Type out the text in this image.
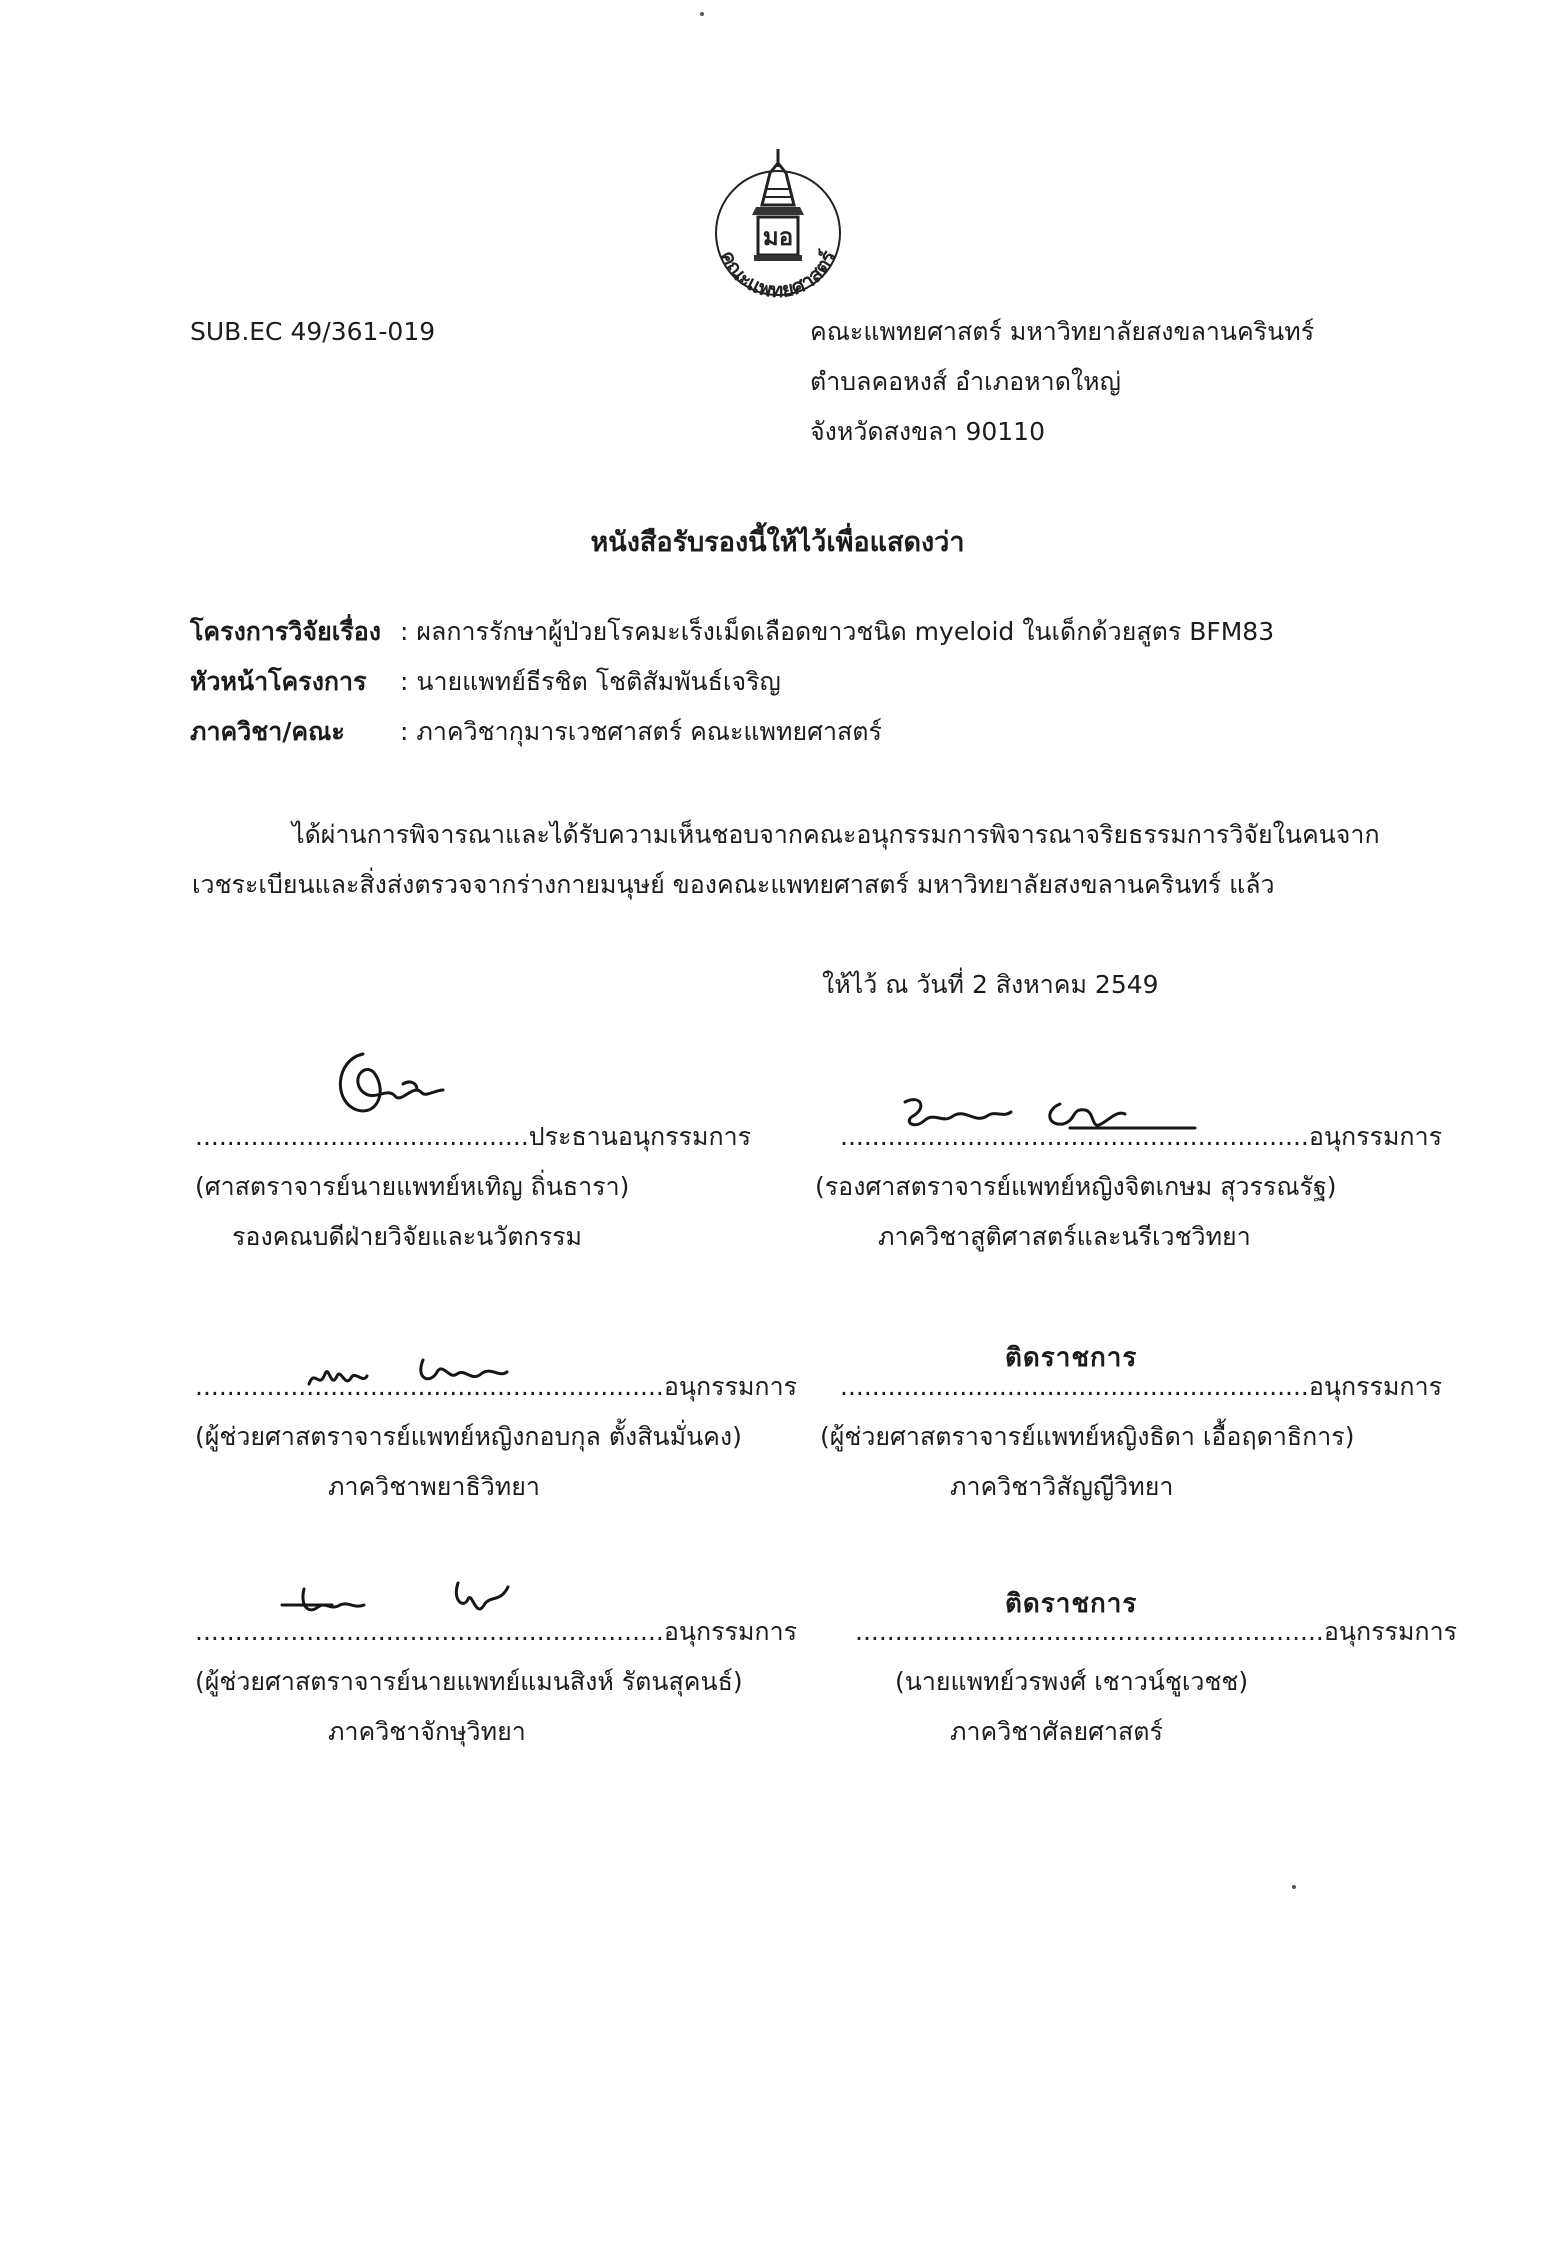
มอ
คณะแพทยศาสตร์
SUB.EC 49/361-019	คณะแพทยศาสตร์ มหาวิทยาลัยสงขลานครินทร์
ตำบลคอหงส์ อำเภอหาดใหญ่
จังหวัดสงขลา 90110
หนังสือรับรองนี้ให้ไว้เพื่อแสดงว่า
โครงการวิจัยเรื่อง : ผลการรักษาผู้ป่วยโรคมะเร็งเม็ดเลือดขาวชนิด myeloid ในเด็กด้วยสูตร BFM83
หัวหน้าโครงการ : นายแพทย์ธีรชิต โชติสัมพันธ์เจริญ
ภาควิชา/คณะ : ภาควิชากุมารเวชศาสตร์ คณะแพทยศาสตร์
ได้ผ่านการพิจารณาและได้รับความเห็นชอบจากคณะอนุกรรมการพิจารณาจริยธรรมการวิจัยในคนจาก
เวชระเบียนและสิ่งส่งตรวจจากร่างกายมนุษย์ ของคณะแพทยศาสตร์ มหาวิทยาลัยสงขลานครินทร์ แล้ว
ให้ไว้ ณ วันที่ 2 สิงหาคม 2549
..........................................ประธานอนุกรรมการ
(ศาสตราจารย์นายแพทย์หเทิญ ถิ่นธารา)
รองคณบดีฝ่ายวิจัยและนวัตกรรม
...........................................................อนุกรรมการ
(รองศาสตราจารย์แพทย์หญิงจิตเกษม สุวรรณรัฐ)
ภาควิชาสูติศาสตร์และนรีเวชวิทยา
...........................................................อนุกรรมการ
(ผู้ช่วยศาสตราจารย์แพทย์หญิงกอบกุล ตั้งสินมั่นคง)
ภาควิชาพยาธิวิทยา
ติดราชการ
...........................................................อนุกรรมการ
(ผู้ช่วยศาสตราจารย์แพทย์หญิงธิดา เอื้อฤดาธิการ)
ภาควิชาวิสัญญีวิทยา
...........................................................อนุกรรมการ
(ผู้ช่วยศาสตราจารย์นายแพทย์แมนสิงห์ รัตนสุคนธ์)
ภาควิชาจักษุวิทยา
ติดราชการ
...........................................................อนุกรรมการ
(นายแพทย์วรพงศ์ เชาวน์ชูเวชช)
ภาควิชาศัลยศาสตร์
